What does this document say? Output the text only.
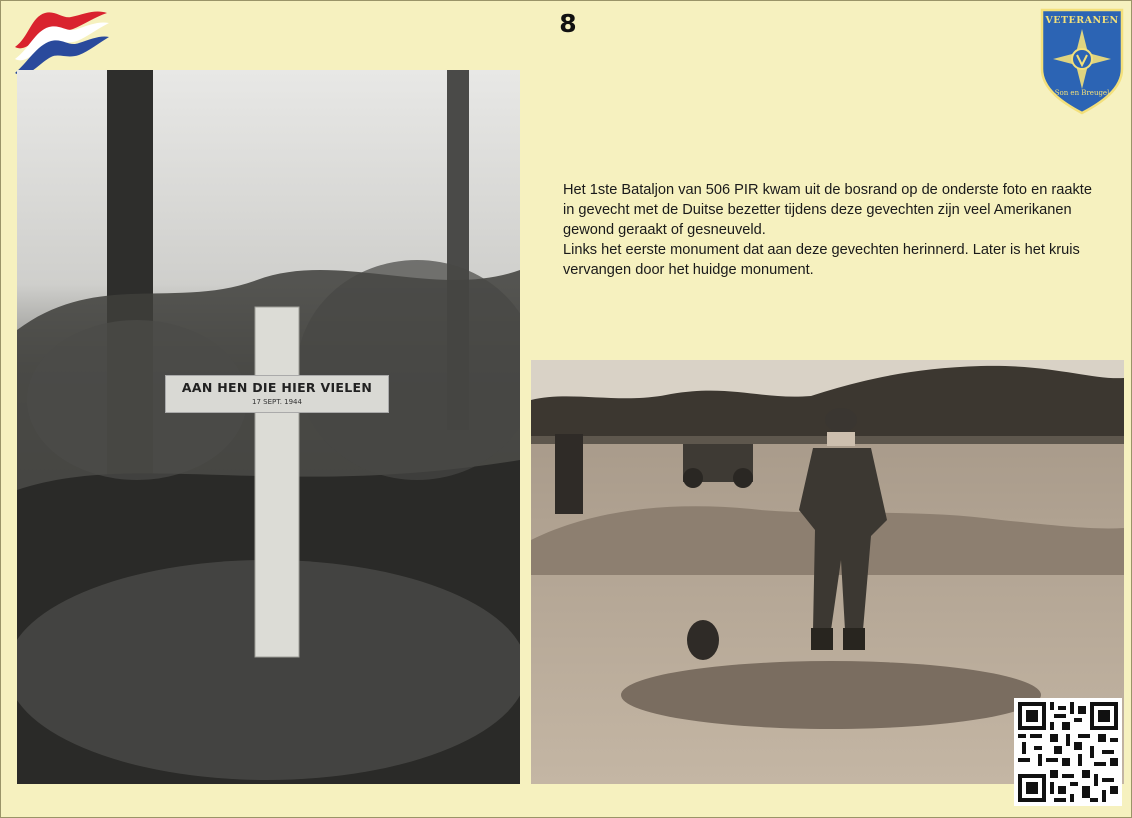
8	VETERANEN
Son en Breugel
AAN HEN DIE HIER VIELEN
17 SEPT. 1944

Het 1ste Bataljon van 506 PIR kwam uit de bosrand op de onderste foto en raakte in gevecht met de Duitse bezetter tijdens deze gevechten zijn veel Amerikanen gewond geraakt of gesneuveld.

Links het eerste monument dat aan deze gevechten herinnerd. Later is het kruis vervangen door het huidge monument.
